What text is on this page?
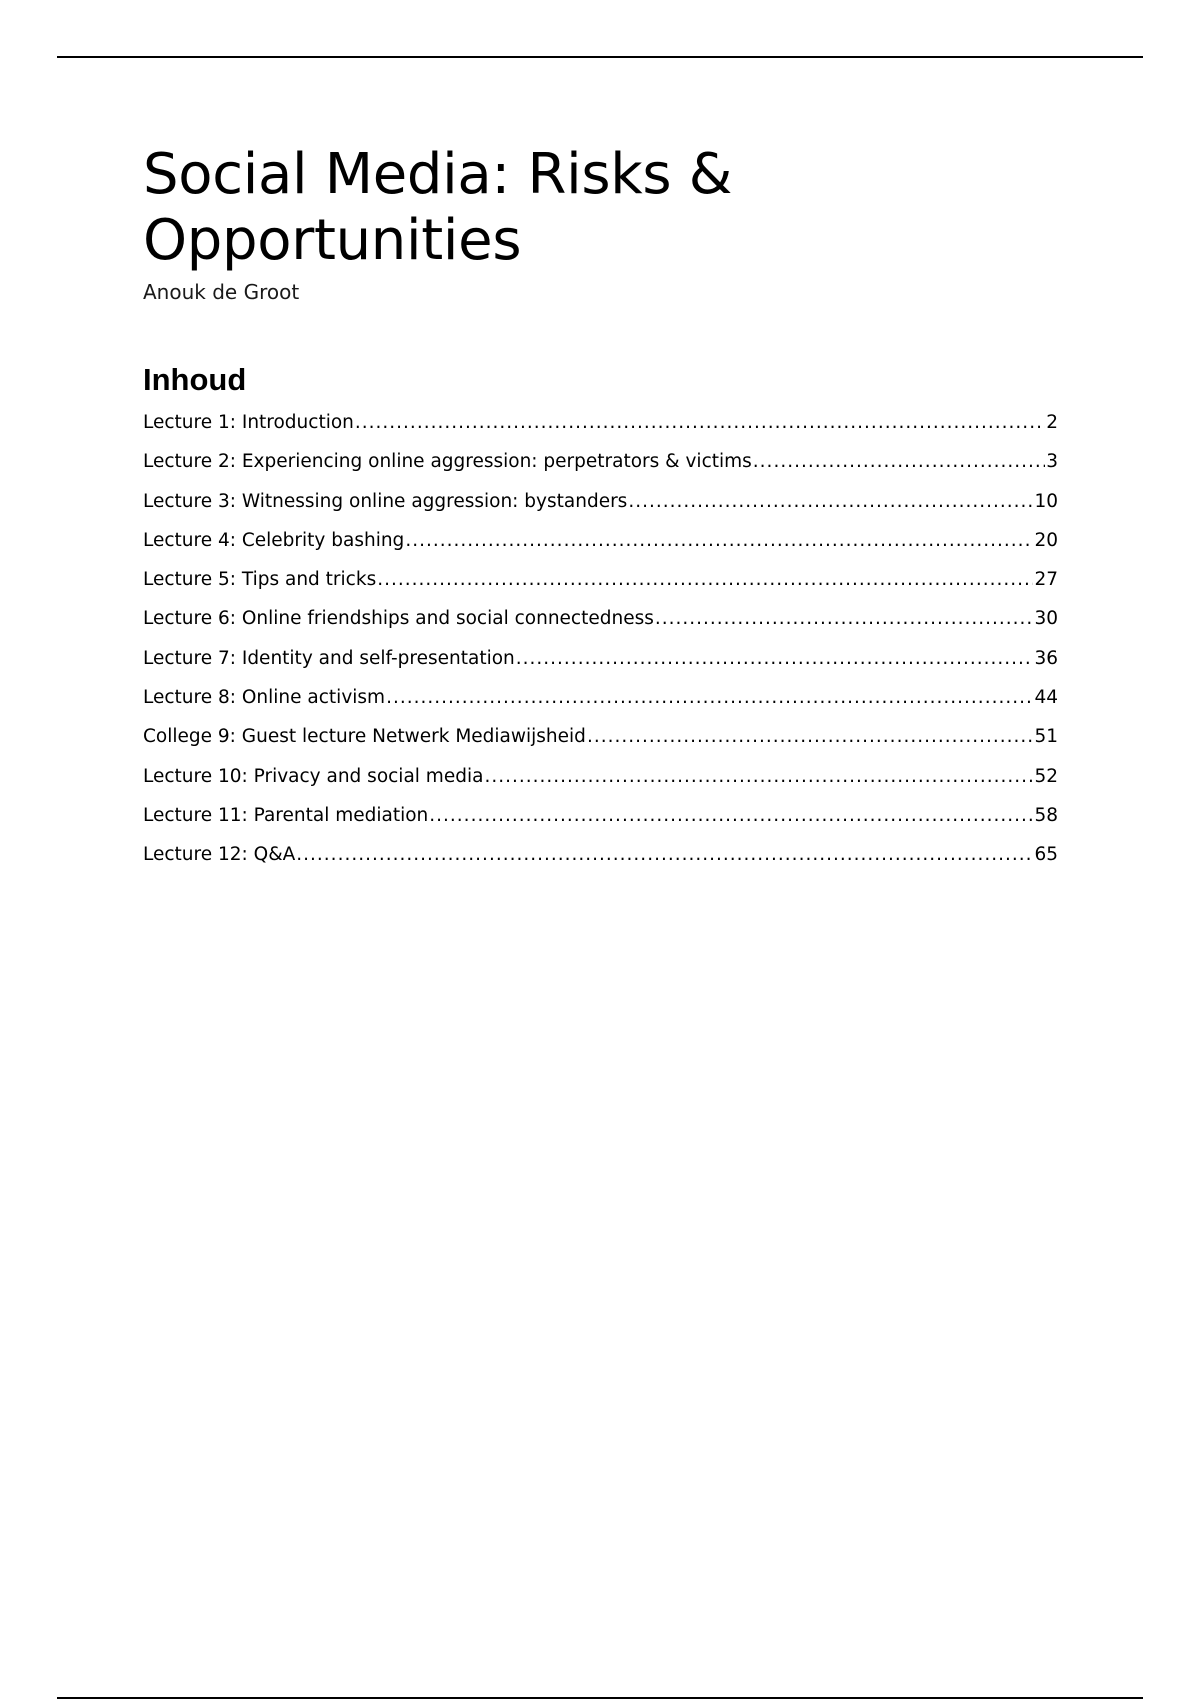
Social Media: Risks & Opportunities
Anouk de Groot
Inhoud
Lecture 1: Introduction .....	2
Lecture 2: Experiencing online aggression: perpetrators & victims .....	3
Lecture 3: Witnessing online aggression: bystanders .....	10
Lecture 4: Celebrity bashing .....	20
Lecture 5: Tips and tricks .....	27
Lecture 6: Online friendships and social connectedness .....	30
Lecture 7: Identity and self-presentation .....	36
Lecture 8: Online activism .....	44
College 9: Guest lecture Netwerk Mediawijsheid .....	51
Lecture 10: Privacy and social media .....	52
Lecture 11: Parental mediation .....	58
Lecture 12: Q&A .....	65
